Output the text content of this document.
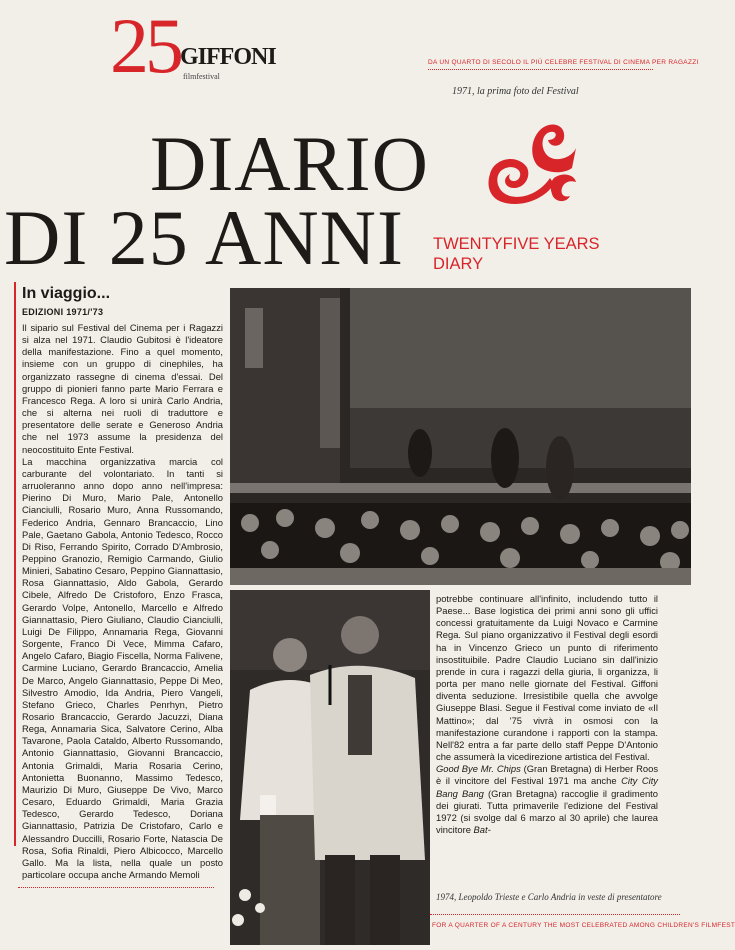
25 GIFFONI
filmfestival
DA UN QUARTO DI SECOLO IL PIÙ CELEBRE FESTIVAL DI CINEMA PER RAGAZZI
1971, la prima foto del Festival
DIARIO
DI 25 ANNI TWENTYFIVE YEARS
DIARY
In viaggio...
EDIZIONI 1971/'73

Il sipario sul Festival del Cinema per i Ragazzi si alza nel 1971. Claudio Gubitosi è l'ideatore della manifestazione. Fino a quel momento, insieme con un gruppo di cinephiles, ha organizzato rassegne di cinema d'essai. Del gruppo di pionieri fanno parte Mario Ferrara e Francesco Rega. A loro si unirà Carlo Andria, che si alterna nei ruoli di traduttore e presentatore delle serate e Generoso Andria che nel 1973 assume la presidenza del neocostituito Ente Festival.

La macchina organizzativa marcia col carburante del volontariato. In tanti si arruoleranno anno dopo anno nell'impresa: Pierino Di Muro, Mario Pale, Antonello Cianciulli, Rosario Muro, Anna Russomando, Federico Andria, Gennaro Brancaccio, Lino Pale, Gaetano Gabola, Antonio Tedesco, Rocco Di Riso, Ferrando Spirito, Corrado D'Ambrosio, Peppino Granozio, Remigio Carmando, Giulio Minieri, Sabatino Cesaro, Peppino Giannattasio, Rosa Giannattasio, Aldo Gabola, Gerardo Cibele, Alfredo De Cristoforo, Enzo Frasca, Gerardo Volpe, Antonello, Marcello e Alfredo Giannattasio, Piero Giuliano, Claudio Cianciulli, Luigi De Filippo, Annamaria Rega, Giovanni Sorgente, Franco Di Vece, Mimma Cafaro, Angelo Cafaro, Biagio Fiscella, Norma Falivene, Carmine Luciano, Gerardo Brancaccio, Amelia De Marco, Angelo Giannattasio, Peppe Di Meo, Silvestro Amodio, Ida Andria, Piero Vangeli, Stefano Grieco, Charles Penrhyn, Pietro Rosario Brancaccio, Gerardo Jacuzzi, Diana Rega, Annamaria Sica, Salvatore Cerino, Alba Tavarone, Paola Cataldo, Alberto Russomando, Antonio Giannattasio, Giovanni Brancaccio, Antonia Grimaldi, Maria Rosaria Cerino, Antonietta Buonanno, Massimo Tedesco, Maurizio Di Muro, Giuseppe De Vivo, Marco Cesaro, Eduardo Grimaldi, Maria Grazia Tedesco, Gerardo Tedesco, Doriana Giannattasio, Patrizia De Cristofaro, Carlo e Alessandro Duccilli, Rosario Forte, Natascia De Rosa, Sofia Rinaldi, Piero Albicocco, Marcello Gallo. Ma la lista, nella quale un posto particolare occupa anche Armando Memoli

potrebbe continuare all'infinito, includendo tutto il Paese... Base logistica dei primi anni sono gli uffici concessi gratuitamente da Luigi Novaco e Carmine Rega. Sul piano organizzativo il Festival degli esordi ha in Vincenzo Grieco un punto di riferimento insostituibile. Padre Claudio Luciano sin dall'inizio prende in cura i ragazzi della giuria, li organizza, li porta per mano nelle giornate del Festival. Giffoni diventa seduzione. Irresistibile quella che avvolge Giuseppe Blasi. Segue il Festival come inviato de «Il Mattino»; dal '75 vivrà in osmosi con la manifestazione curandone i rapporti con la stampa. Nell'82 entra a far parte dello staff Peppe D'Antonio che assumerà la vicedirezione artistica del Festival.

Good Bye Mr. Chips (Gran Bretagna) di Herber Roos è il vincitore del Festival 1971 ma anche City City Bang Bang (Gran Bretagna) raccoglie il gradimento dei giurati. Tutta primaverile l'edizione del Festival 1972 (si svolge dal 6 marzo al 30 aprile) che laurea vincitore Bat-

1974, Leopoldo Trieste e Carlo Andria in veste di presentatore
FOR A QUARTER OF A CENTURY THE MOST CELEBRATED AMONG CHILDREN'S FILMFEST
